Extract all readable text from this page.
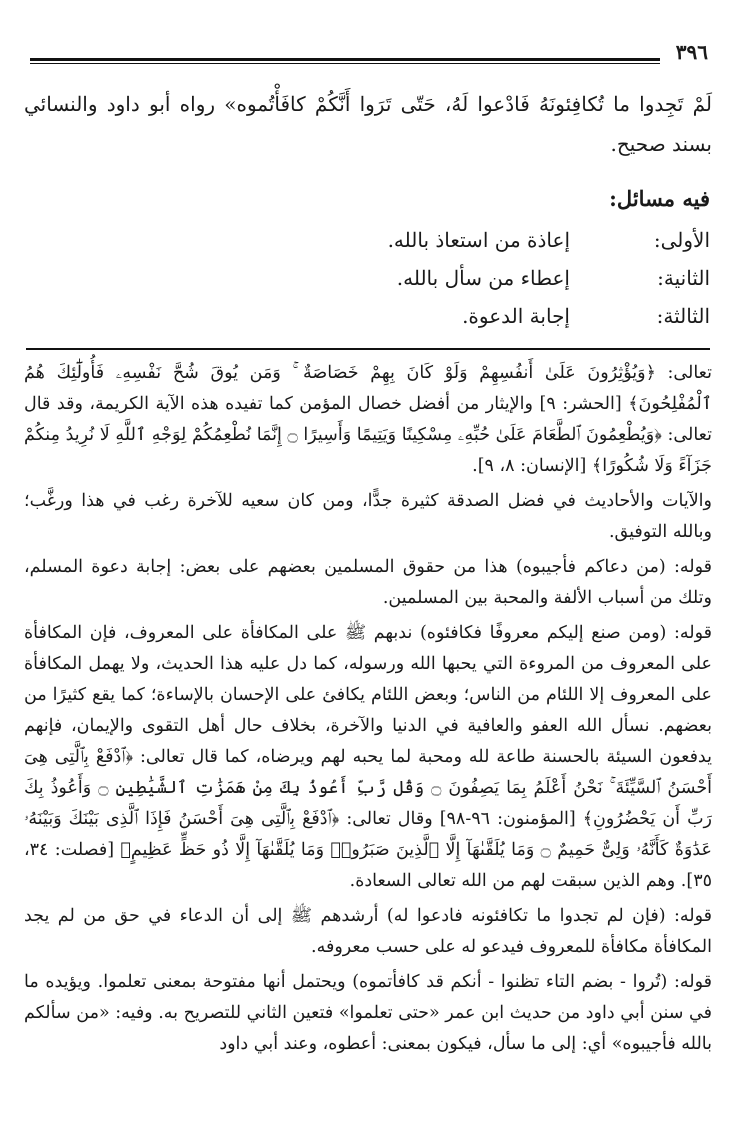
٣٩٦
لَمْ تَجِدوا ما تُكافِئونَهُ فَادْعوا لَهُ، حَتّى تَرَوا أَنَّكُمْ كافَأْتُموه» رواه أبو داود والنسائي بسند صحيح.
فيه مسائل:
الأولى:
إعاذة من استعاذ بالله.
الثانية:
إعطاء من سأل بالله.
الثالثة:
إجابة الدعوة.

تعالى: ﴿وَيُؤْثِرُونَ عَلَىٰ أَنفُسِهِمْ وَلَوْ كَانَ بِهِمْ خَصَاصَةٌ ۚ وَمَن يُوقَ شُحَّ نَفْسِهِۦ فَأُولَٰٓئِكَ هُمُ ٱلْمُفْلِحُونَ﴾ [الحشر: ٩] والإيثار من أفضل خصال المؤمن كما تفيده هذه الآية الكريمة، وقد قال تعالى: ﴿وَيُطْعِمُونَ ٱلطَّعَامَ عَلَىٰ حُبِّهِۦ مِسْكِينًا وَيَتِيمًا وَأَسِيرًا ۝ إِنَّمَا نُطْعِمُكُمْ لِوَجْهِ ٱللَّهِ لَا نُرِيدُ مِنكُمْ جَزَآءً وَلَا شُكُورًا﴾ [الإنسان: ٨، ٩].

والآيات والأحاديث في فضل الصدقة كثيرة جدًّا، ومن كان سعيه للآخرة رغب في هذا ورغَّب؛ وبالله التوفيق.

قوله: (من دعاكم فأجيبوه) هذا من حقوق المسلمين بعضهم على بعض: إجابة دعوة المسلم، وتلك من أسباب الألفة والمحبة بين المسلمين.

قوله: (ومن صنع إليكم معروفًا فكافئوه) ندبهم ﷺ على المكافأة على المعروف، فإن المكافأة على المعروف من المروءة التي يحبها الله ورسوله، كما دل عليه هذا الحديث، ولا يهمل المكافأة على المعروف إلا اللئام من الناس؛ وبعض اللئام يكافئ على الإحسان بالإساءة؛ كما يقع كثيرًا من بعضهم. نسأل الله العفو والعافية في الدنيا والآخرة، بخلاف حال أهل التقوى والإيمان، فإنهم يدفعون السيئة بالحسنة طاعة لله ومحبة لما يحبه لهم ويرضاه، كما قال تعالى: ﴿ٱدْفَعْ بِٱلَّتِى هِىَ أَحْسَنُ ٱلسَّيِّئَةَ ۚ نَحْنُ أَعْلَمُ بِمَا يَصِفُونَ ۝ وَقُل رَّبِّ أَعُوذُ بِكَ مِنْ هَمَزَٰتِ ٱلشَّيَٰطِينِ ۝ وَأَعُوذُ بِكَ رَبِّ أَن يَحْضُرُونِ﴾ [المؤمنون: ٩٦-٩٨] وقال تعالى: ﴿ٱدْفَعْ بِٱلَّتِى هِىَ أَحْسَنُ فَإِذَا ٱلَّذِى بَيْنَكَ وَبَيْنَهُۥ عَدَٰوَةٌ كَأَنَّهُۥ وَلِىٌّ حَمِيمٌ ۝ وَمَا يُلَقَّىٰهَآ إِلَّا ٱلَّذِينَ صَبَرُوا۟ وَمَا يُلَقَّىٰهَآ إِلَّا ذُو حَظٍّ عَظِيمٍ﴾ [فصلت: ٣٤، ٣٥]. وهم الذين سبقت لهم من الله تعالى السعادة.

قوله: (فإن لم تجدوا ما تكافئونه فادعوا له) أرشدهم ﷺ إلى أن الدعاء في حق من لم يجد المكافأة مكافأة للمعروف فيدعو له على حسب معروفه.

قوله: (تُروا - بضم التاء تظنوا - أنكم قد كافأتموه) ويحتمل أنها مفتوحة بمعنى تعلموا. ويؤيده ما في سنن أبي داود من حديث ابن عمر «حتى تعلموا» فتعين الثاني للتصريح به. وفيه: «من سألكم بالله فأجيبوه» أي: إلى ما سأل، فيكون بمعنى: أعطوه، وعند أبي داود
